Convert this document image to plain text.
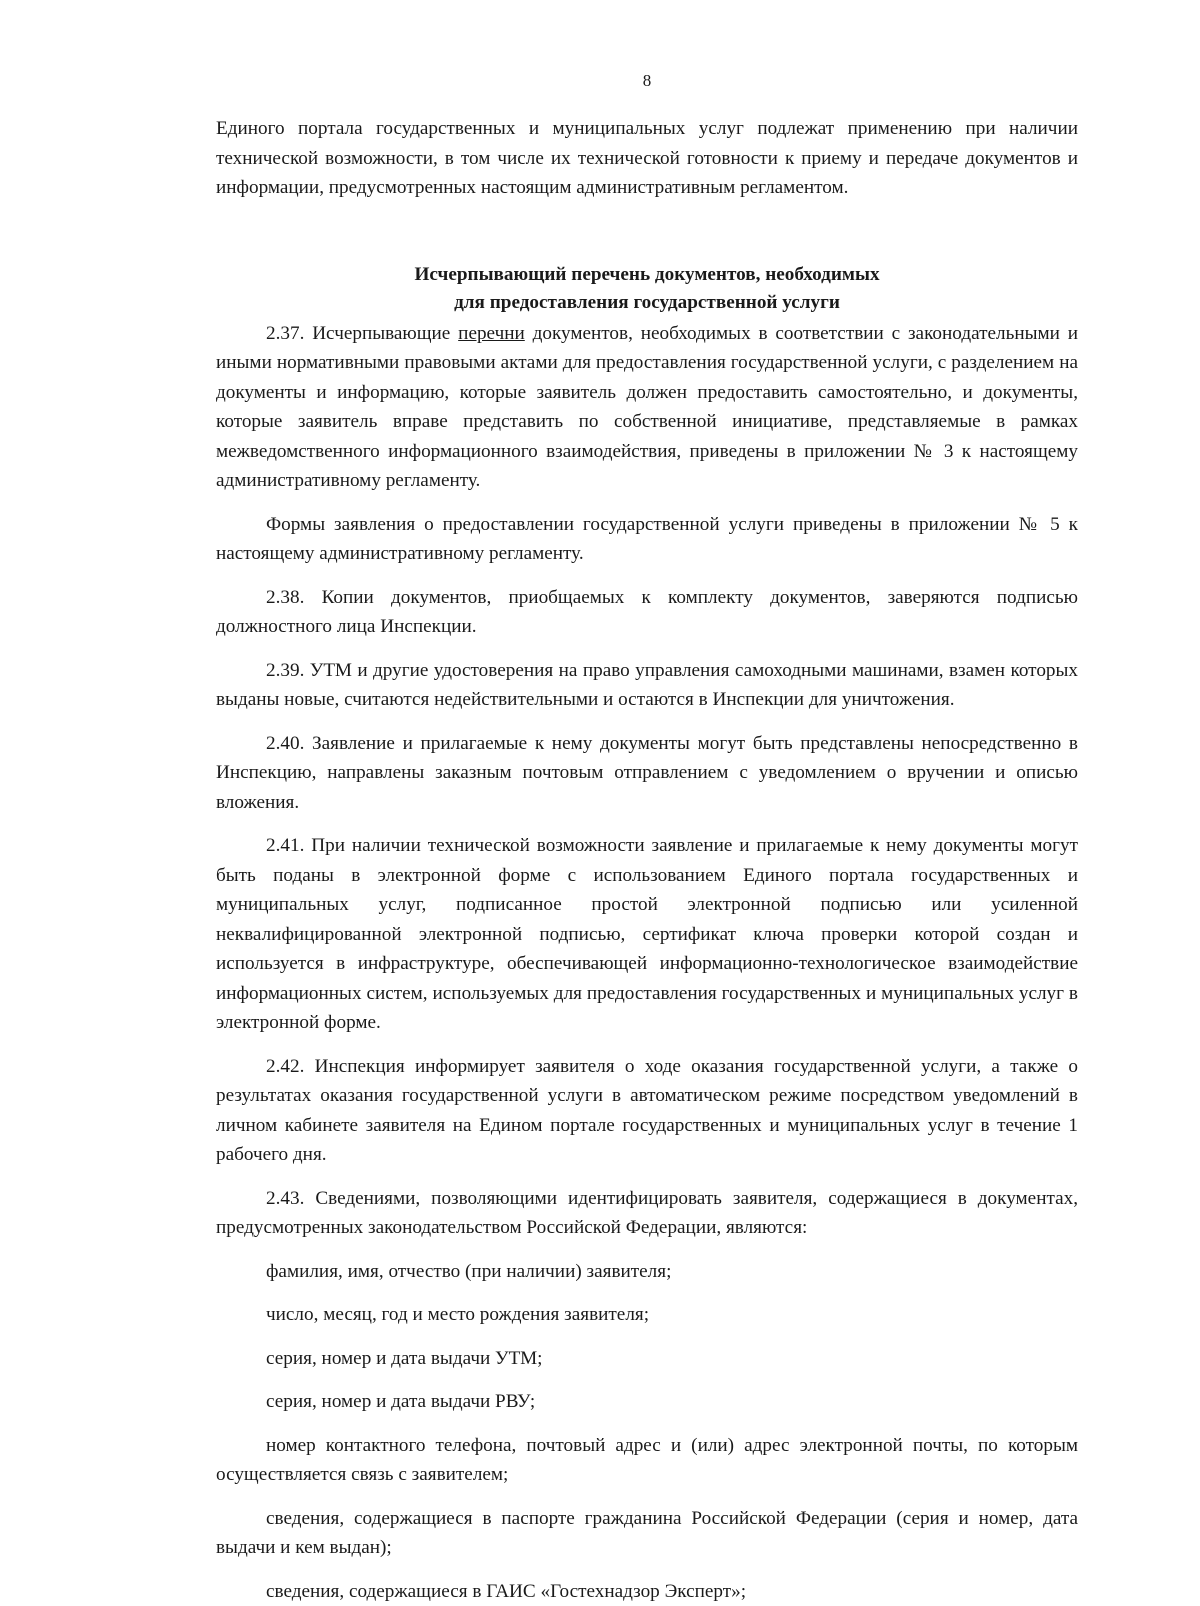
8

Единого портала государственных и муниципальных услуг подлежат применению при наличии технической возможности, в том числе их технической готовности к приему и передаче документов и информации, предусмотренных настоящим административным регламентом.

Исчерпывающий перечень документов, необходимых
для предоставления государственной услуги

2.37. Исчерпывающие перечни документов, необходимых в соответствии с законодательными и иными нормативными правовыми актами для предоставления государственной услуги, с разделением на документы и информацию, которые заявитель должен предоставить самостоятельно, и документы, которые заявитель вправе представить по собственной инициативе, представляемые в рамках межведомственного информационного взаимодействия, приведены в приложении № 3 к настоящему административному регламенту.

Формы заявления о предоставлении государственной услуги приведены в приложении № 5 к настоящему административному регламенту.

2.38. Копии документов, приобщаемых к комплекту документов, заверяются подписью должностного лица Инспекции.

2.39. УТМ и другие удостоверения на право управления самоходными машинами, взамен которых выданы новые, считаются недействительными и остаются в Инспекции для уничтожения.

2.40. Заявление и прилагаемые к нему документы могут быть представлены непосредственно в Инспекцию, направлены заказным почтовым отправлением с уведомлением о вручении и описью вложения.

2.41. При наличии технической возможности заявление и прилагаемые к нему документы могут быть поданы в электронной форме с использованием Единого портала государственных и муниципальных услуг, подписанное простой электронной подписью или усиленной неквалифицированной электронной подписью, сертификат ключа проверки которой создан и используется в инфраструктуре, обеспечивающей информационно-технологическое взаимодействие информационных систем, используемых для предоставления государственных и муниципальных услуг в электронной форме.

2.42. Инспекция информирует заявителя о ходе оказания государственной услуги, а также о результатах оказания государственной услуги в автоматическом режиме посредством уведомлений в личном кабинете заявителя на Едином портале государственных и муниципальных услуг в течение 1 рабочего дня.

2.43. Сведениями, позволяющими идентифицировать заявителя, содержащиеся в документах, предусмотренных законодательством Российской Федерации, являются:

фамилия, имя, отчество (при наличии) заявителя;

число, месяц, год и место рождения заявителя;

серия, номер и дата выдачи УТМ;

серия, номер и дата выдачи РВУ;

номер контактного телефона, почтовый адрес и (или) адрес электронной почты, по которым осуществляется связь с заявителем;

сведения, содержащиеся в паспорте гражданина Российской Федерации (серия и номер, дата выдачи и кем выдан);

сведения, содержащиеся в ГАИС «Гостехнадзор Эксперт»;
